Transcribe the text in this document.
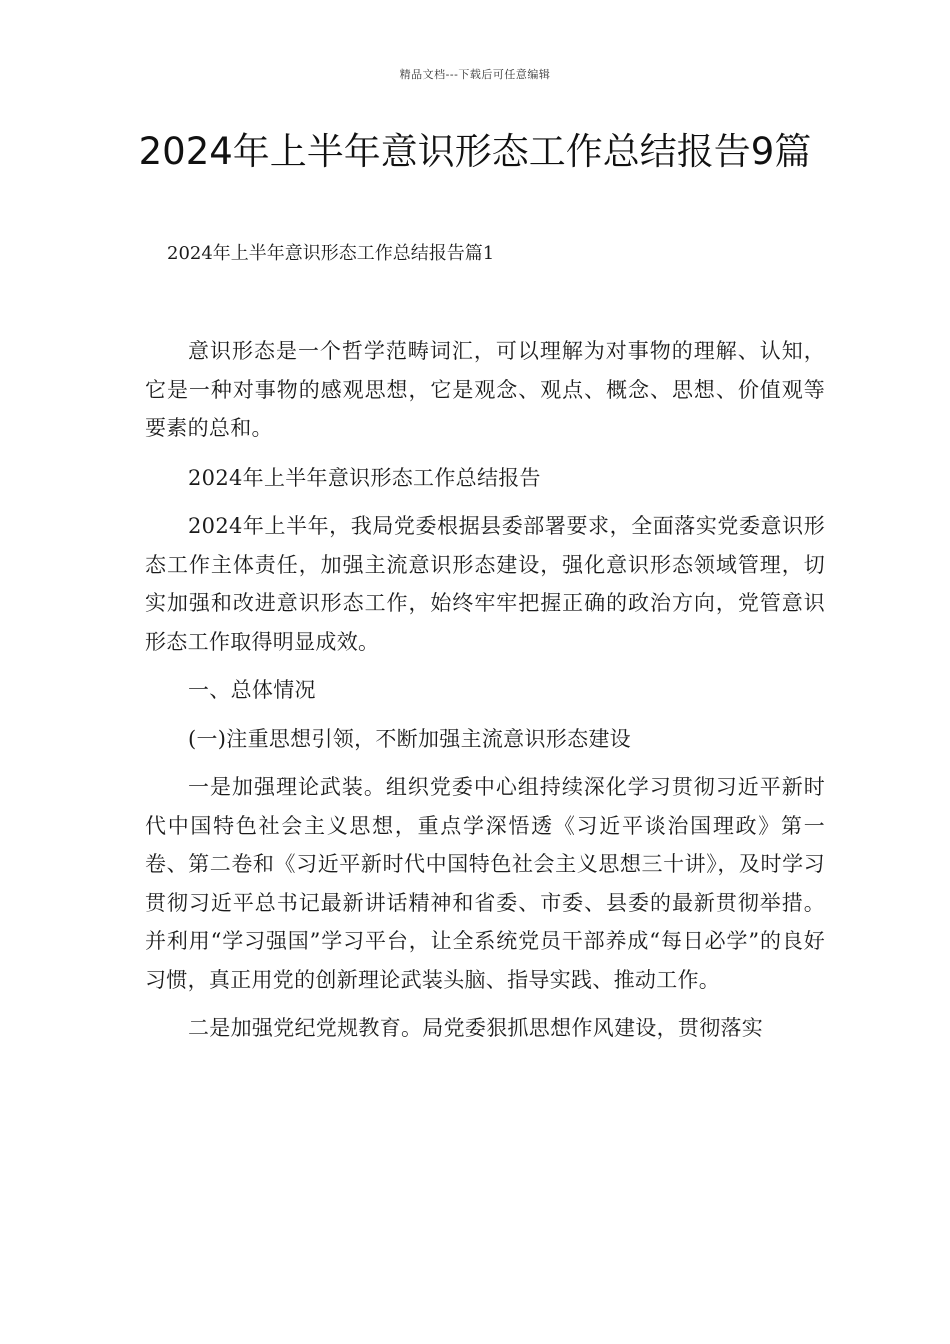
精品文档---下载后可任意编辑
2024年上半年意识形态工作总结报告9篇
2024年上半年意识形态工作总结报告篇1

意识形态是一个哲学范畴词汇，可以理解为对事物的理解、认知，它是一种对事物的感观思想，它是观念、观点、概念、思想、价值观等要素的总和。

2024年上半年意识形态工作总结报告

2024年上半年，我局党委根据县委部署要求，全面落实党委意识形态工作主体责任，加强主流意识形态建设，强化意识形态领域管理，切实加强和改进意识形态工作，始终牢牢把握正确的政治方向，党管意识形态工作取得明显成效。

一、总体情况

(一)注重思想引领，不断加强主流意识形态建设

一是加强理论武装。组织党委中心组持续深化学习贯彻习近平新时代中国特色社会主义思想，重点学深悟透《习近平谈治国理政》第一卷、第二卷和《习近平新时代中国特色社会主义思想三十讲》，及时学习贯彻习近平总书记最新讲话精神和省委、市委、县委的最新贯彻举措。并利用“学习强国”学习平台，让全系统党员干部养成“每日必学”的良好习惯，真正用党的创新理论武装头脑、指导实践、推动工作。

二是加强党纪党规教育。局党委狠抓思想作风建设，贯彻落实
